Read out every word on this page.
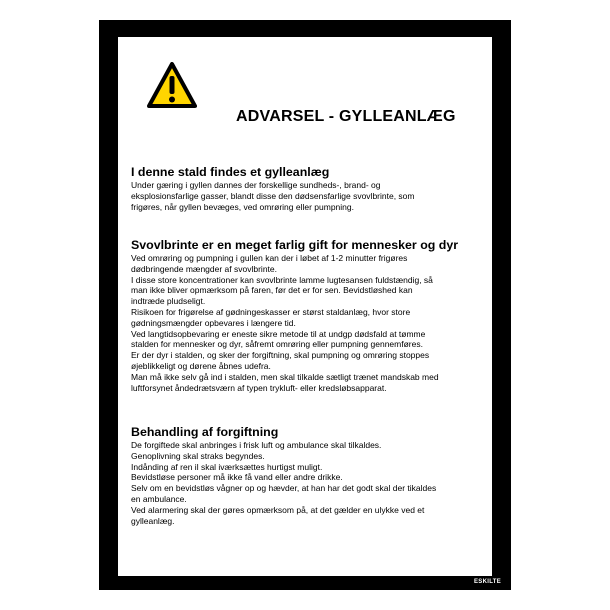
ADVARSEL - GYLLEANLÆG
I denne stald findes et gylleanlæg
Under gæring i gyllen dannes der forskellige sundheds-, brand- og
eksplosionsfarlige gasser, blandt disse den dødsensfarlige svovlbrinte, som
frigøres, når gyllen bevæges, ved omrøring eller pumpning.
Svovlbrinte er en meget farlig gift for mennesker og dyr
Ved omrøring og pumpning i gullen kan der i løbet af 1-2 minutter frigøres
dødbringende mængder af svovlbrinte.
I disse store koncentrationer kan svovlbrinte lamme lugtesansen fuldstændig, så
man ikke bliver opmærksom på faren, før det er for sen. Bevidstløshed kan
indtræde pludseligt.
Risikoen for frigørelse af gødningeskasser er størst staldanlæg, hvor store
gødningsmængder opbevares i længere tid.
Ved langtidsopbevaring er eneste sikre metode til at undgp dødsfald at tømme
stalden for mennesker og dyr, såfremt omrøring eller pumpning gennemføres.
Er der dyr i stalden, og sker der forgiftning, skal pumpning og omrøring stoppes
øjeblikkeligt og dørene åbnes udefra.
Man må ikke selv gå ind i stalden, men skal tilkalde sætligt trænet mandskab med
luftforsynet åndedrætsværn af typen trykluft- eller kredsløbsapparat.
Behandling af forgiftning
De forgiftede skal anbringes i frisk luft og ambulance skal tilkaldes.
Genoplivning skal straks begyndes.
Indånding af ren il skal iværksættes hurtigst muligt.
Bevidstløse personer må ikke få vand eller andre drikke.
Selv om en bevidstløs vågner op og hævder, at han har det godt skal der tikaldes
en ambulance.
Ved alarmering skal der gøres opmærksom på, at det gælder en ulykke ved et
gylleanlæg.
ESKILTE
